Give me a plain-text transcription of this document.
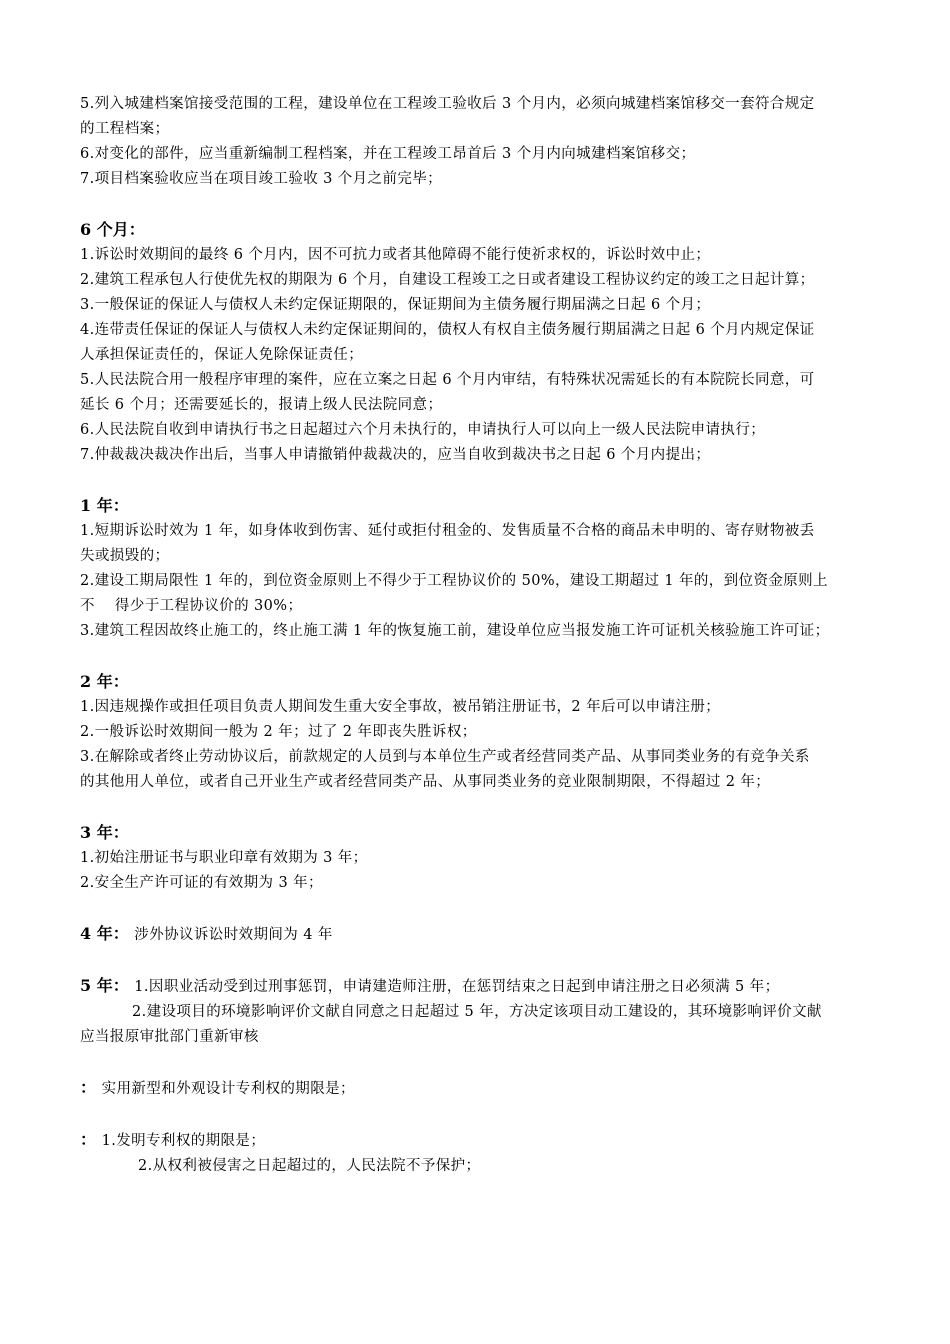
5.列入城建档案馆接受范围的工程，建设单位在工程竣工验收后 3 个月内，必须向城建档案馆移交一套符合规定
的工程档案；
6.对变化的部件，应当重新编制工程档案，并在工程竣工昂首后 3 个月内向城建档案馆移交；
7.项目档案验收应当在项目竣工验收 3 个月之前完毕；
6 个月：
1.诉讼时效期间的最终 6 个月内，因不可抗力或者其他障碍不能行使祈求权的，诉讼时效中止；
2.建筑工程承包人行使优先权的期限为 6 个月，自建设工程竣工之日或者建设工程协议约定的竣工之日起计算；
3.一般保证的保证人与债权人未约定保证期限的，保证期间为主债务履行期届满之日起 6 个月；
4.连带责任保证的保证人与债权人未约定保证期间的，债权人有权自主债务履行期届满之日起 6 个月内规定保证
人承担保证责任的，保证人免除保证责任；
5.人民法院合用一般程序审理的案件，应在立案之日起 6 个月内审结，有特殊状况需延长的有本院院长同意，可
延长 6 个月；还需要延长的，报请上级人民法院同意；
6.人民法院自收到申请执行书之日起超过六个月未执行的，申请执行人可以向上一级人民法院申请执行；
7.仲裁裁决裁决作出后，当事人申请撤销仲裁裁决的，应当自收到裁决书之日起 6 个月内提出；
1 年：
1.短期诉讼时效为 1 年，如身体收到伤害、延付或拒付租金的、发售质量不合格的商品未申明的、寄存财物被丢
失或损毁的；
2.建设工期局限性 1 年的，到位资金原则上不得少于工程协议价的 50%，建设工期超过 1 年的，到位资金原则上
不    得少于工程协议价的 30%；
3.建筑工程因故终止施工的，终止施工满 1 年的恢复施工前，建设单位应当报发施工许可证机关核验施工许可证；
2 年：
1.因违规操作或担任项目负责人期间发生重大安全事故，被吊销注册证书，2 年后可以申请注册；
2.一般诉讼时效期间一般为 2 年；过了 2 年即丧失胜诉权；
3.在解除或者终止劳动协议后，前款规定的人员到与本单位生产或者经营同类产品、从事同类业务的有竞争关系
的其他用人单位，或者自己开业生产或者经营同类产品、从事同类业务的竞业限制期限，不得超过 2 年；
3 年：
1.初始注册证书与职业印章有效期为 3 年；
2.安全生产许可证的有效期为 3 年；
4 年： 涉外协议诉讼时效期间为 4 年
5 年： 1.因职业活动受到过刑事惩罚，申请建造师注册，在惩罚结束之日起到申请注册之日必须满 5 年；
2.建设项目的环境影响评价文献自同意之日起超过 5 年，方决定该项目动工建设的，其环境影响评价文献
应当报原审批部门重新审核
： 实用新型和外观设计专利权的期限是；
： 1.发明专利权的期限是；
2.从权利被侵害之日起超过的，人民法院不予保护；
